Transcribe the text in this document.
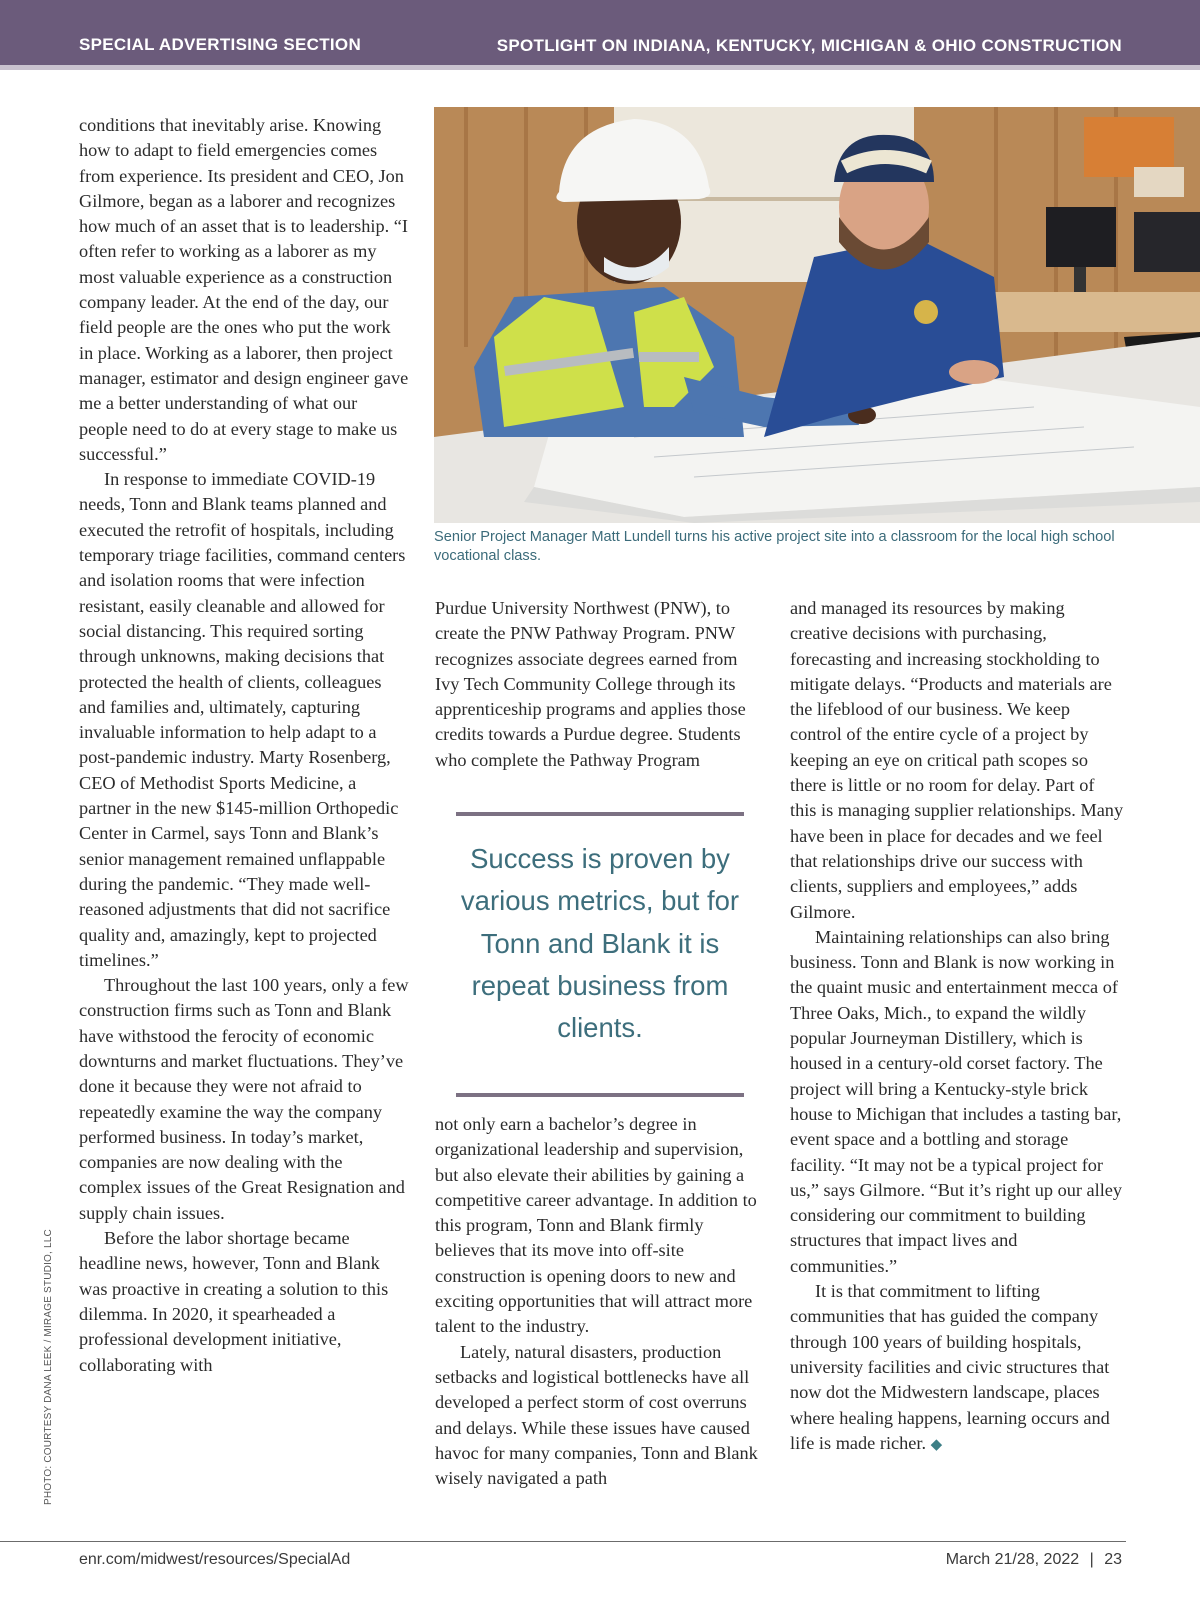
SPECIAL ADVERTISING SECTION	SPOTLIGHT ON INDIANA, KENTUCKY, MICHIGAN & OHIO CONSTRUCTION

conditions that inevitably arise. Knowing how to adapt to field emergencies comes from experience. Its president and CEO, Jon Gilmore, began as a laborer and recognizes how much of an asset that is to leadership. “I often refer to working as a laborer as my most valuable experience as a construction company leader. At the end of the day, our field people are the ones who put the work in place. Working as a laborer, then project manager, estimator and design engineer gave me a better understanding of what our people need to do at every stage to make us successful.”

In response to immediate COVID-19 needs, Tonn and Blank teams planned and executed the retrofit of hospitals, including temporary triage facilities, command centers and isolation rooms that were infection resistant, easily cleanable and allowed for social distancing. This required sorting through unknowns, making decisions that protected the health of clients, colleagues and families and, ultimately, capturing invaluable information to help adapt to a post-pandemic industry. Marty Rosenberg, CEO of Methodist Sports Medicine, a partner in the new $145-million Orthopedic Center in Carmel, says Tonn and Blank’s senior management remained unflappable during the pandemic. “They made well-reasoned adjustments that did not sacrifice quality and, amazingly, kept to projected timelines.”

Throughout the last 100 years, only a few construction firms such as Tonn and Blank have withstood the ferocity of economic downturns and market fluctuations. They’ve done it because they were not afraid to repeatedly examine the way the company performed business. In today’s market, companies are now dealing with the complex issues of the Great Resignation and supply chain issues.

Before the labor shortage became headline news, however, Tonn and Blank was proactive in creating a solution to this dilemma. In 2020, it spearheaded a professional development initiative, collaborating with

Senior Project Manager Matt Lundell turns his active project site into a classroom for the local high school vocational class.

Purdue University Northwest (PNW), to create the PNW Pathway Program. PNW recognizes associate degrees earned from Ivy Tech Community College through its apprenticeship programs and applies those credits towards a Purdue degree. Students who complete the Pathway Program

Success is proven by various metrics, but for Tonn and Blank it is repeat business from clients.

not only earn a bachelor’s degree in organizational leadership and supervision, but also elevate their abilities by gaining a competitive career advantage. In addition to this program, Tonn and Blank firmly believes that its move into off-site construction is opening doors to new and exciting opportunities that will attract more talent to the industry.

Lately, natural disasters, production setbacks and logistical bottlenecks have all developed a perfect storm of cost overruns and delays. While these issues have caused havoc for many companies, Tonn and Blank wisely navigated a path

and managed its resources by making creative decisions with purchasing, forecasting and increasing stockholding to mitigate delays. “Products and materials are the lifeblood of our business. We keep control of the entire cycle of a project by keeping an eye on critical path scopes so there is little or no room for delay. Part of this is managing supplier relationships. Many have been in place for decades and we feel that relationships drive our success with clients, suppliers and employees,” adds Gilmore.

Maintaining relationships can also bring business. Tonn and Blank is now working in the quaint music and entertainment mecca of Three Oaks, Mich., to expand the wildly popular Journeyman Distillery, which is housed in a century-old corset factory. The project will bring a Kentucky-style brick house to Michigan that includes a tasting bar, event space and a bottling and storage facility. “It may not be a typical project for us,” says Gilmore. “But it’s right up our alley considering our commitment to building structures that impact lives and communities.”

It is that commitment to lifting communities that has guided the company through 100 years of building hospitals, university facilities and civic structures that now dot the Midwestern landscape, places where healing happens, learning occurs and life is made richer. ◆

PHOTO: COURTESY DANA LEEK / MIRAGE STUDIO, LLC
enr.com/midwest/resources/SpecialAd	March 21/28, 2022 | 23
